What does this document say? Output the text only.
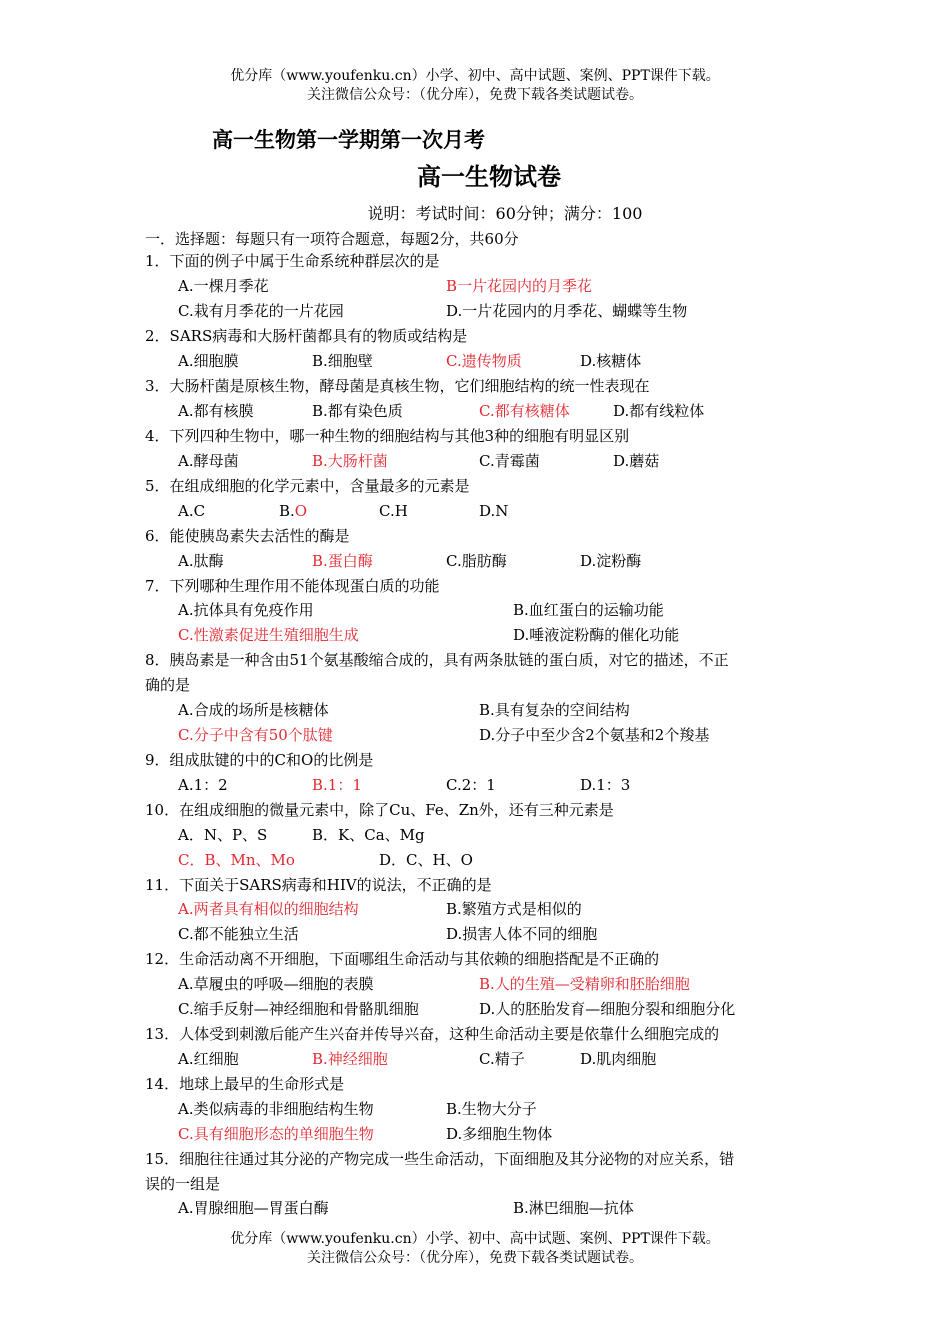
优分库（www.youfenku.cn）小学、初中、高中试题、案例、PPT课件下载。
关注微信公众号：（优分库），免费下载各类试题试卷。
高一生物第一学期第一次月考
高一生物试卷
说明：考试时间：60分钟；满分：100
一．选择题：每题只有一项符合题意，每题2分，共60分
1．下面的例子中属于生命系统种群层次的是
A.一棵月季花	B一片花园内的月季花
C.栽有月季花的一片花园	D.一片花园内的月季花、蝴蝶等生物
2．SARS病毒和大肠杆菌都具有的物质或结构是
A.细胞膜	B.细胞壁	C.遗传物质	D.核糖体
3．大肠杆菌是原核生物，酵母菌是真核生物，它们细胞结构的统一性表现在
A.都有核膜	B.都有染色质	C.都有核糖体	D.都有线粒体
4．下列四种生物中，哪一种生物的细胞结构与其他3种的细胞有明显区别
A.酵母菌	B.大肠杆菌	C.青霉菌	D.蘑菇
5．在组成细胞的化学元素中，含量最多的元素是
A.C	B.O	C.H	D.N
6．能使胰岛素失去活性的酶是
A.肽酶	B.蛋白酶	C.脂肪酶	D.淀粉酶
7．下列哪种生理作用不能体现蛋白质的功能
A.抗体具有免疫作用	B.血红蛋白的运输功能
C.性激素促进生殖细胞生成	D.唾液淀粉酶的催化功能
8．胰岛素是一种含由51个氨基酸缩合成的，具有两条肽链的蛋白质，对它的描述，不正
确的是
A.合成的场所是核糖体	B.具有复杂的空间结构
C.分子中含有50个肽键	D.分子中至少含2个氨基和2个羧基
9．组成肽键的中的C和O的比例是
A.1：2	B.1：1	C.2：1	D.1：3
10．在组成细胞的微量元素中，除了Cu、Fe、Zn外，还有三种元素是
A．N、P、S	B．K、Ca、Mg
C．B、Mn、Mo	D．C、H、O
11．下面关于SARS病毒和HIV的说法，不正确的是
A.两者具有相似的细胞结构	B.繁殖方式是相似的
C.都不能独立生活	D.损害人体不同的细胞
12．生命活动离不开细胞，下面哪组生命活动与其依赖的细胞搭配是不正确的
A.草履虫的呼吸—细胞的表膜	B.人的生殖—受精卵和胚胎细胞
C.缩手反射—神经细胞和骨骼肌细胞	D.人的胚胎发育—细胞分裂和细胞分化
13．人体受到刺激后能产生兴奋并传导兴奋，这种生命活动主要是依靠什么细胞完成的
A.红细胞	B.神经细胞	C.精子	D.肌肉细胞
14．地球上最早的生命形式是
A.类似病毒的非细胞结构生物	B.生物大分子
C.具有细胞形态的单细胞生物	D.多细胞生物体
15．细胞往往通过其分泌的产物完成一些生命活动，下面细胞及其分泌物的对应关系，错
误的一组是
A.胃腺细胞—胃蛋白酶	B.淋巴细胞—抗体
优分库（www.youfenku.cn）小学、初中、高中试题、案例、PPT课件下载。
关注微信公众号：（优分库），免费下载各类试题试卷。
